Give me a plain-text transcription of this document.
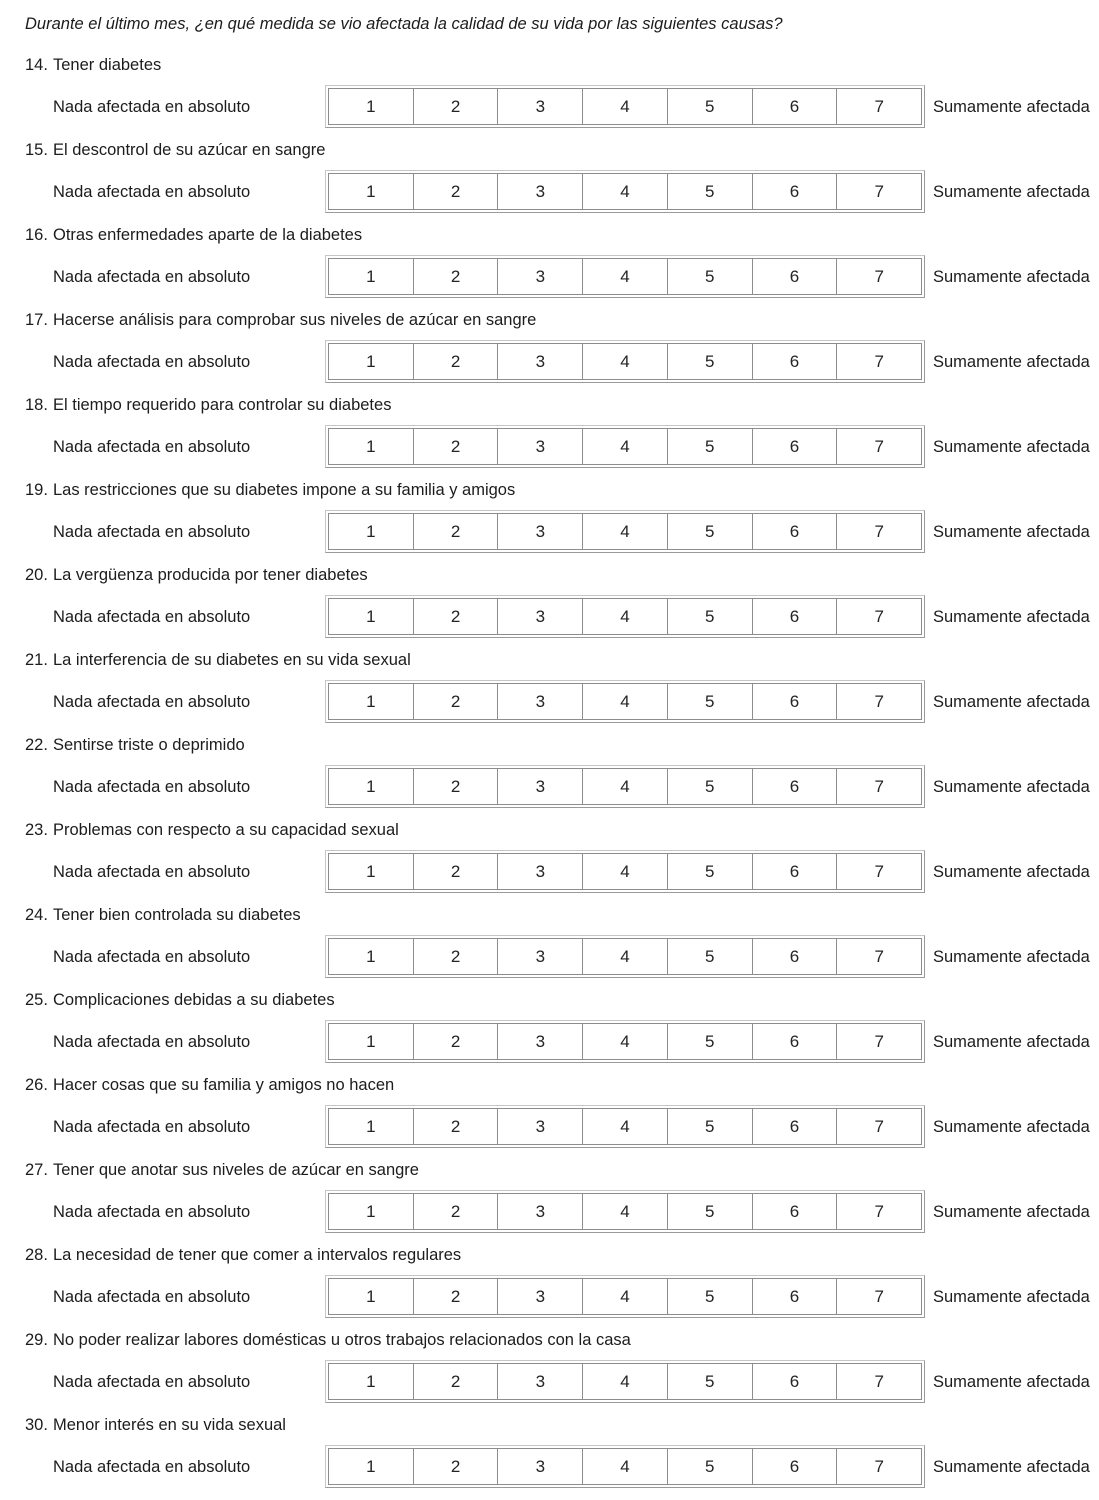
Durante el último mes, ¿en qué medida se vio afectada la calidad de su vida por las siguientes causas?

14. Tener diabetes

Nada afectada en absoluto	1	2	3	4	5	6	7	Sumamente afectada

15. El descontrol de su azúcar en sangre

Nada afectada en absoluto	1	2	3	4	5	6	7	Sumamente afectada

16. Otras enfermedades aparte de la diabetes

Nada afectada en absoluto	1	2	3	4	5	6	7	Sumamente afectada

17. Hacerse análisis para comprobar sus niveles de azúcar en sangre

Nada afectada en absoluto	1	2	3	4	5	6	7	Sumamente afectada

18. El tiempo requerido para controlar su diabetes

Nada afectada en absoluto	1	2	3	4	5	6	7	Sumamente afectada

19. Las restricciones que su diabetes impone a su familia y amigos

Nada afectada en absoluto	1	2	3	4	5	6	7	Sumamente afectada

20. La vergüenza producida por tener diabetes

Nada afectada en absoluto	1	2	3	4	5	6	7	Sumamente afectada

21. La interferencia de su diabetes en su vida sexual

Nada afectada en absoluto	1	2	3	4	5	6	7	Sumamente afectada

22. Sentirse triste o deprimido

Nada afectada en absoluto	1	2	3	4	5	6	7	Sumamente afectada

23. Problemas con respecto a su capacidad sexual

Nada afectada en absoluto	1	2	3	4	5	6	7	Sumamente afectada

24. Tener bien controlada su diabetes

Nada afectada en absoluto	1	2	3	4	5	6	7	Sumamente afectada

25. Complicaciones debidas a su diabetes

Nada afectada en absoluto	1	2	3	4	5	6	7	Sumamente afectada

26. Hacer cosas que su familia y amigos no hacen

Nada afectada en absoluto	1	2	3	4	5	6	7	Sumamente afectada

27. Tener que anotar sus niveles de azúcar en sangre

Nada afectada en absoluto	1	2	3	4	5	6	7	Sumamente afectada

28. La necesidad de tener que comer a intervalos regulares

Nada afectada en absoluto	1	2	3	4	5	6	7	Sumamente afectada

29. No poder realizar labores domésticas u otros trabajos relacionados con la casa

Nada afectada en absoluto	1	2	3	4	5	6	7	Sumamente afectada

30. Menor interés en su vida sexual

Nada afectada en absoluto	1	2	3	4	5	6	7	Sumamente afectada
